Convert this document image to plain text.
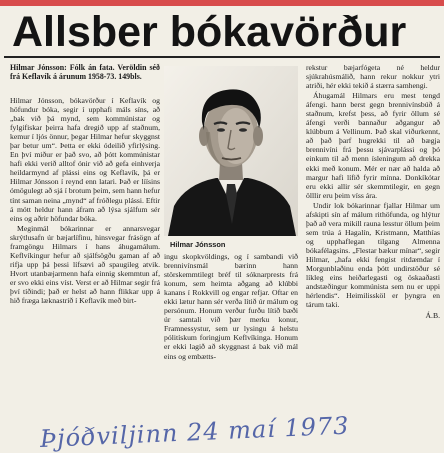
Allsber bókavörður
Hilmar Jónsson: Fólk án fata. Veröldin séð frá Keflavík á árunum 1958-73. 149bls.

Hilmar Jónsson, bókavörður í Keflavík og höfundur bóka, segir í upphafi máls síns, að „bak við þá mynd, sem kommúnistar og fylgifiskar þeirra hafa dregið upp af staðnum, kemur í ljós önnur, þegar Hilmar hefur skyggnst þar betur um“. Þetta er ekki ódeilið yfirlýsing. En því miður er það svo, að þótt kommúnistar hafi ekki verið alltof ónir við að gefa einhverja heildarmynd af plássi eins og Keflavík, þá er Hilmar Jónsson í reynd enn latari. Það er líísins ómögulegt að sjá í brotum þeim, sem hann hefur tínt saman neina „mynd“ af fróðlegu plássi. Eftir á mótt heldur hann áfram að lýsa sjálfum sér eins og aðrir höfundar bóka.

Meginmál bókarinnar er annarsvegar skrýtlusafn úr bæjarlífinu, hinsvegar frásögn af framgöngu Hilmars í hans áhugamálum. Keflvíkingur hefur að sjálfsögðu gaman af að rifja upp þá þessi lífsævi að spaugileg atvik. Hvort utanbæjarmenn hafa einnig skemmtun af, er svo ekki eins víst. Verst er að Hilmar segir frá því tíðindi; það er helst að hann flikkar upp á hið fræga læknastríð í Keflavík með birt-

Hilmar Jónsson

ingu skopkvöldings, og í sambandi við brennivínsmál bærinn hann störskemmtilegt bréf til sóknarprests frá konum, sem heimta aðgang að klúbbi kanans í Rokkvill og engar refjar. Oftar en ekki lætur hann sér verða lítið úr málum og persónum. Honum verður furðu lítið bæði úr samtali við þær merku konur, Framnessystur, sem ur lysingu á helstu pólitískum foringjum Keflvíkinga. Honum er ekki lagið að skyggnast á bak við mál eins og embætts-

rekstur bæjarfógeta né heldur sjúkrahúsmálið, hann rekur nokkur ytri atriði, hér ekki tekið á stærra samhengi.

Áhugamál Hilmars eru mest tengd áfengi. hann berst gegn brennivínsbúð á staðnum, krefst þess, að fyrir öllum sé áfengi verði bannaður aðgangur að klúbbum á Vellinum. Það skal viðurkennt, að það þarf hugrekki til að bægja brennivíni frá þessu sjávarplássi og þó einkum til að menn ísleningum að drekka ekki með konum. Mér er nær að halda að margur hafi lífið fyrir mínna. Donkíkótar eru ekki allir sér skemmtilegir, en gegn ölllir eru þeim víss ára.

Undir lok bókarinnar fjallar Hilmar um afskipti sín af málum rithöfunda, og hlýtur það að vera mikill rauna lesstur öllum þeim sem trúa á Hagalín, Kristmann, Matthías og upphaflegan tilgang Almenna bókafélagsins. „Flestar bækur mínar“, segir Hilmar, „hafa ekki fengist ritdæmdar í Morgunblaðinu enda þótt undirstöður sé líkleg eins heiðarlegasti og öskaaðasti andstæðingur kommúnista sem nu er uppi hérlendis“. Heimilissköl er þyngra en tárum taki.

Á.B.

Þjóðviljinn 24 maí 1973
